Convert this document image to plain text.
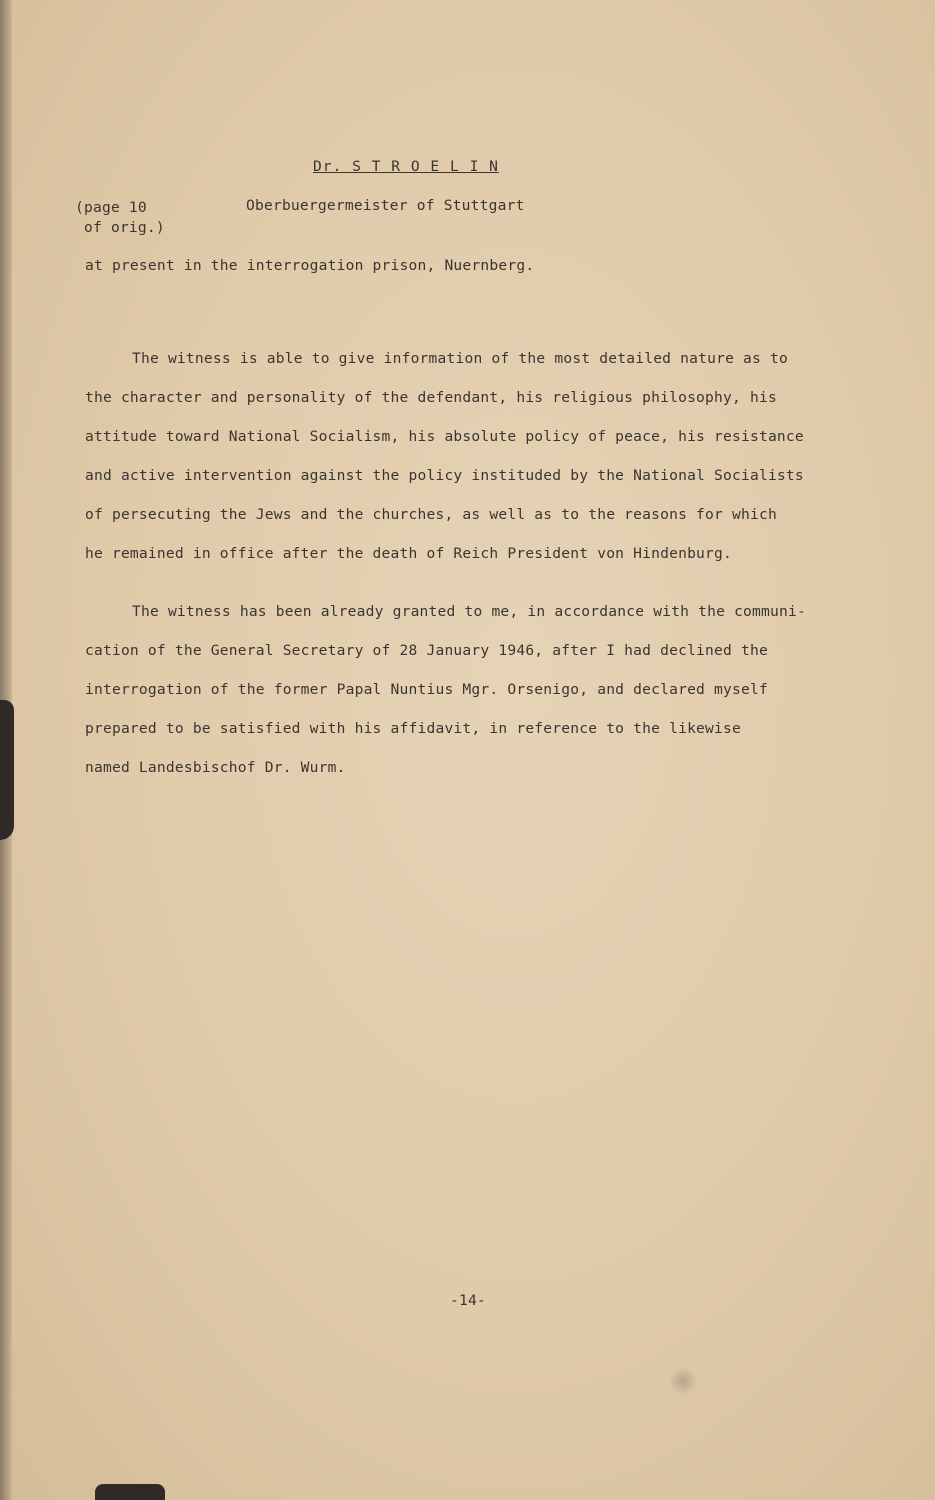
Dr. S T R O E L I N
(page 10
of orig.)
Oberbuergermeister of Stuttgart
at present in the interrogation prison, Nuernberg.
The witness is able to give information of the most detailed nature as to
the character and personality of the defendant, his religious philosophy, his
attitude toward National Socialism, his absolute policy of peace, his resistance
and active intervention against the policy instituded by the National Socialists
of persecuting the Jews and the churches, as well as to the reasons for which
he remained in office after the death of Reich President von Hindenburg.
The witness has been already granted to me, in accordance with the communi-
cation of the General Secretary of 28 January 1946, after I had declined the
interrogation of the former Papal Nuntius Mgr. Orsenigo, and declared myself
prepared to be satisfied with his affidavit, in reference to the likewise
named Landesbischof Dr. Wurm.
-14-
